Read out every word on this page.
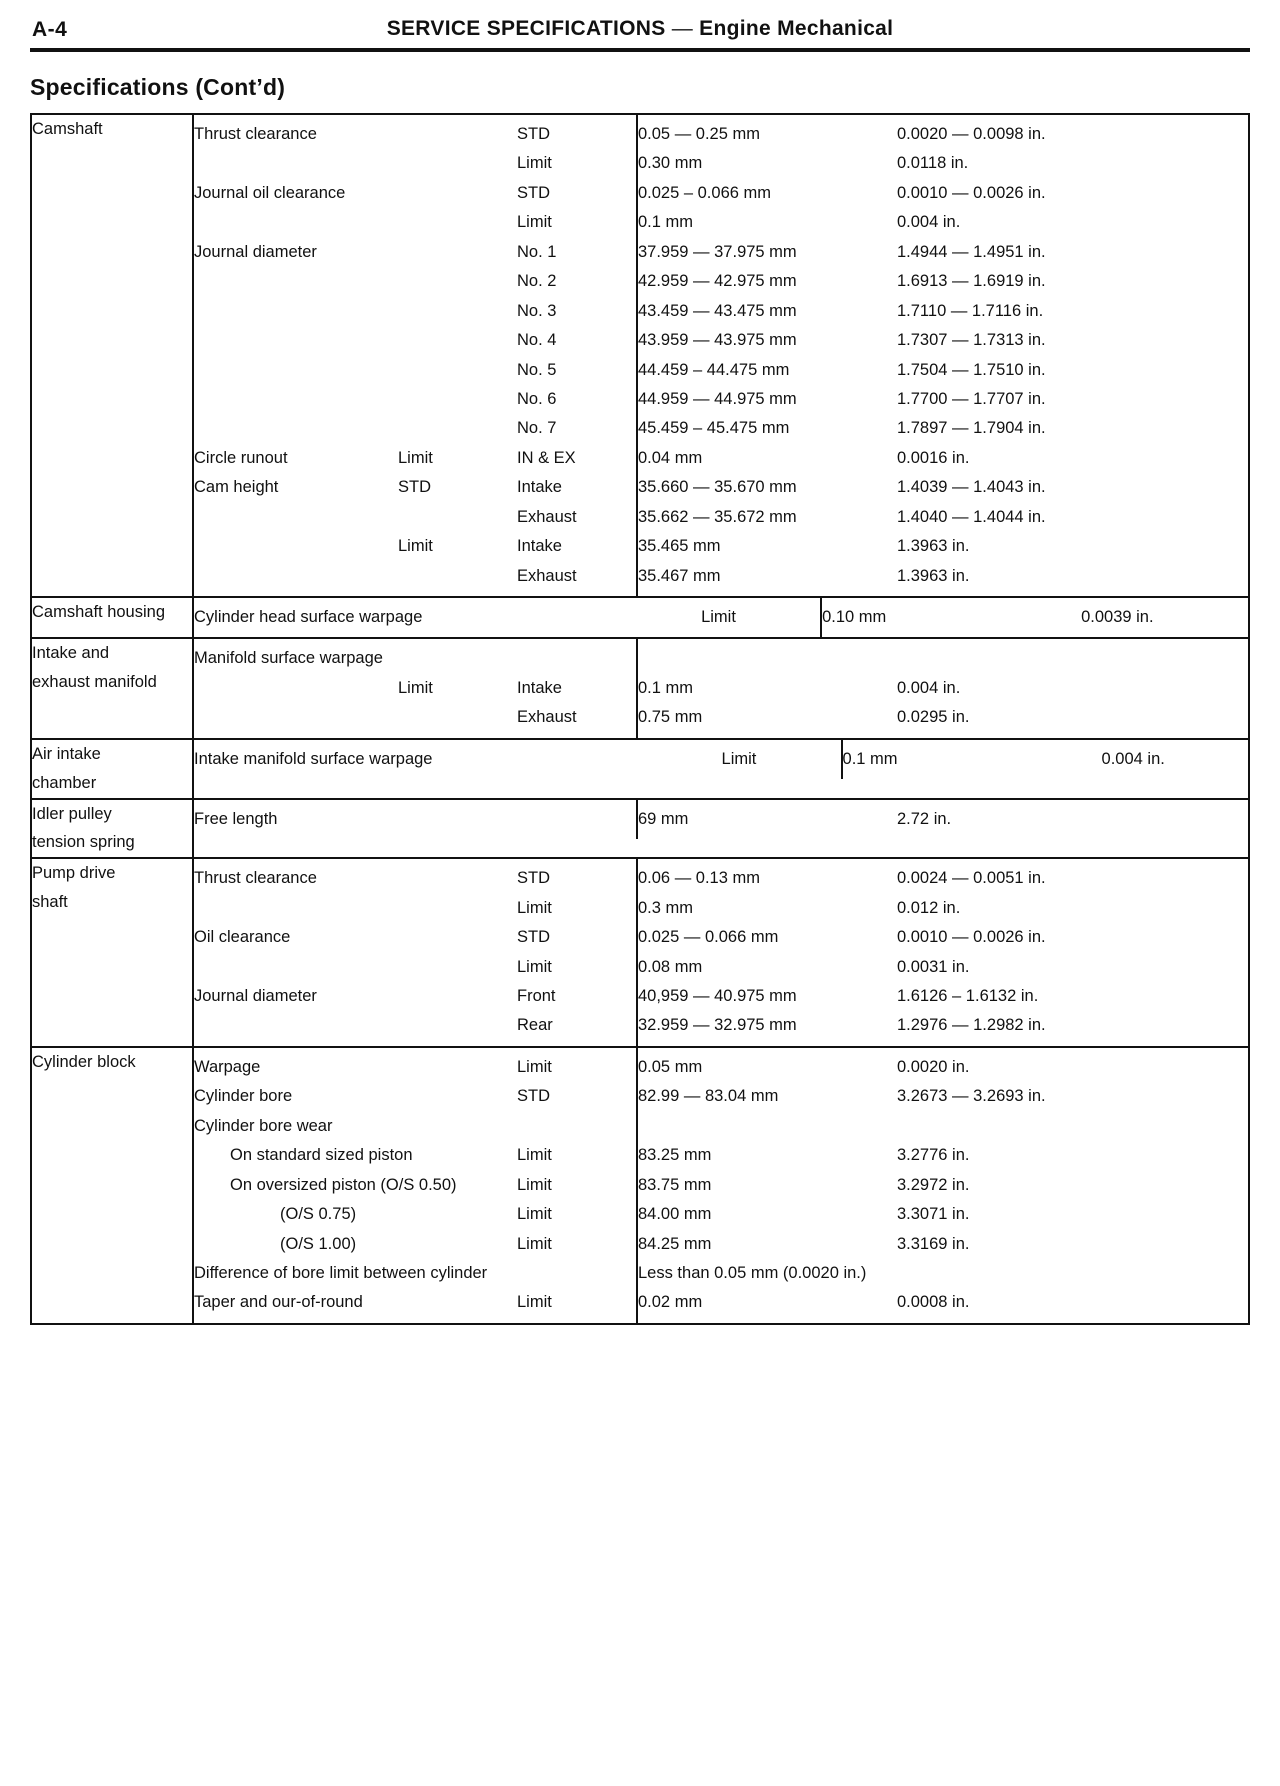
A-4	SERVICE SPECIFICATIONS — Engine Mechanical
Specifications (Cont’d)
Camshaft
		Thrust clearance		STD	0.05 — 0.25 mm	0.0020 — 0.0098 in.
		Limit	0.30 mm	0.0118 in.
Journal oil clearance		STD	0.025 – 0.066 mm	0.0010 — 0.0026 in.
		Limit	0.1 mm	0.004 in.
Journal diameter		No. 1	37.959 — 37.975 mm	1.4944 — 1.4951 in.
		No. 2	42.959 — 42.975 mm	1.6913 — 1.6919 in.
		No. 3	43.459 — 43.475 mm	1.7110 — 1.7116 in.
		No. 4	43.959 — 43.975 mm	1.7307 — 1.7313 in.
		No. 5	44.459 – 44.475 mm	1.7504 — 1.7510 in.
		No. 6	44.959 — 44.975 mm	1.7700 — 1.7707 in.
		No. 7	45.459 – 45.475 mm	1.7897 — 1.7904 in.
Circle runout	Limit	IN & EX	0.04 mm	0.0016 in.
Cam height	STD	Intake	35.660 — 35.670 mm	1.4039 — 1.4043 in.
		Exhaust	35.662 — 35.672 mm	1.4040 — 1.4044 in.
	Limit	Intake	35.465 mm	1.3963 in.
		Exhaust	35.467 mm	1.3963 in.

Camshaft housing
		Cylinder head surface warpage	Limit	0.10 mm	0.0039 in.

Intake and
exhaust manifold

Manifold surface warpage			
	Limit	Intake	0.1 mm	0.004 in.
		Exhaust	0.75 mm	0.0295 in.

Air intake
chamber

Intake manifold surface warpage	Limit	0.1 mm	0.004 in.

Idler pulley
tension spring

Free length			69 mm	2.72 in.

Pump drive
shaft

Thrust clearance		STD	0.06 — 0.13 mm	0.0024 — 0.0051 in.
		Limit	0.3 mm	0.012 in.
Oil clearance		STD	0.025 — 0.066 mm	0.0010 — 0.0026 in.
		Limit	0.08 mm	0.0031 in.
Journal diameter		Front	40,959 — 40.975 mm	1.6126 – 1.6132 in.
		Rear	32.959 — 32.975 mm	1.2976 — 1.2982 in.

Cylinder block
		Warpage		Limit	0.05 mm	0.0020 in.
Cylinder bore		STD	82.99 — 83.04 mm	3.2673 — 3.2693 in.
Cylinder bore wear				
On standard sized piston	Limit	83.25 mm	3.2776 in.
On oversized piston (O/S 0.50)	Limit	83.75 mm	3.2972 in.
(O/S 0.75)	Limit	84.00 mm	3.3071 in.
(O/S 1.00)	Limit	84.25 mm	3.3169 in.
Difference of bore limit between cylinder		Less than 0.05 mm (0.0020 in.)
Taper and our-of-round	Limit	0.02 mm	0.0008 in.
